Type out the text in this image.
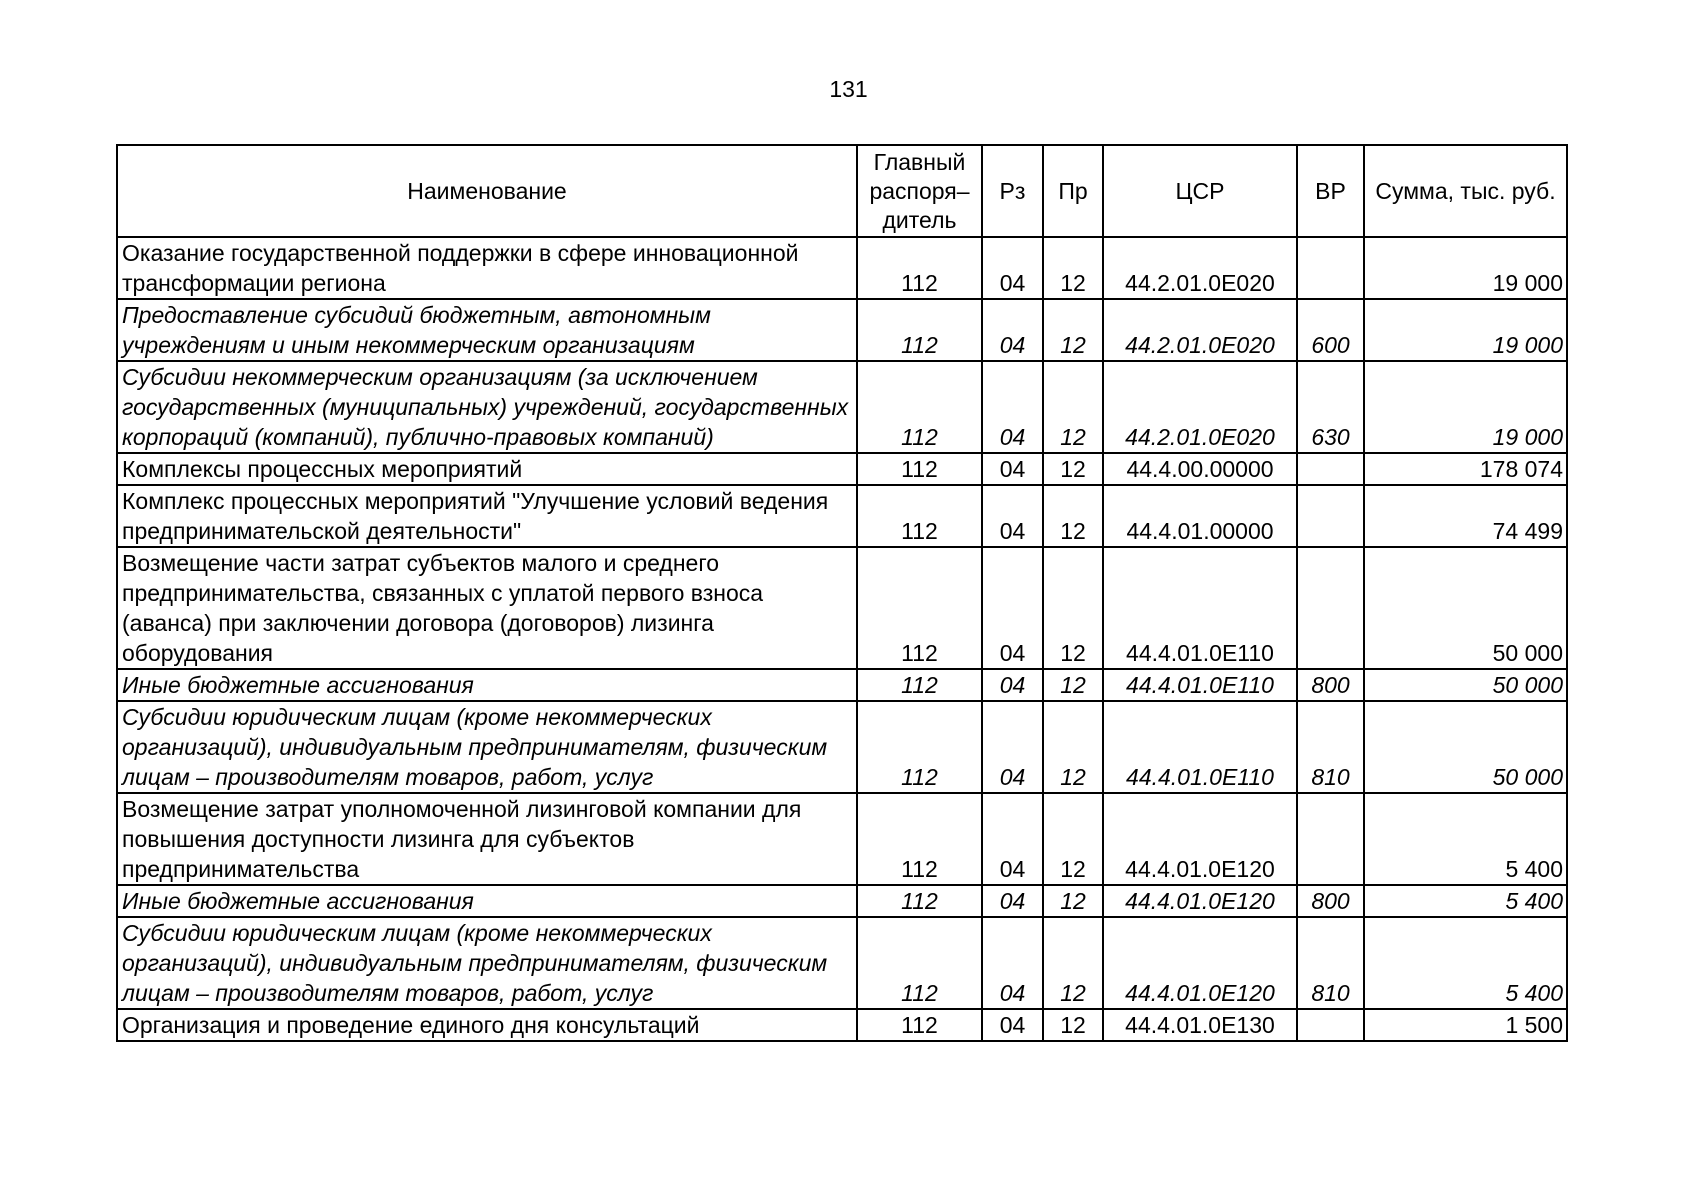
131
Наименование	Главный распоря– дитель	Рз	Пр	ЦСР	ВР	Сумма, тыс. руб.
Оказание государственной поддержки в сфере инновационной трансформации региона	112	04	12	44.2.01.0Е020		19 000
Предоставление субсидий бюджетным, автономным учреждениям и иным некоммерческим организациям	112	04	12	44.2.01.0Е020	600	19 000
Субсидии некоммерческим организациям (за исключением государственных (муниципальных) учреждений, государственных корпораций (компаний), публично-правовых компаний)	112	04	12	44.2.01.0Е020	630	19 000
Комплексы процессных мероприятий	112	04	12	44.4.00.00000		178 074
Комплекс процессных мероприятий "Улучшение условий ведения предпринимательской деятельности"	112	04	12	44.4.01.00000		74 499
Возмещение части затрат субъектов малого и среднего предпринимательства, связанных с уплатой первого взноса (аванса) при заключении договора (договоров) лизинга оборудования	112	04	12	44.4.01.0Е110		50 000
Иные бюджетные ассигнования	112	04	12	44.4.01.0Е110	800	50 000
Субсидии юридическим лицам (кроме некоммерческих организаций), индивидуальным предпринимателям, физическим лицам – производителям товаров, работ, услуг	112	04	12	44.4.01.0Е110	810	50 000
Возмещение затрат уполномоченной лизинговой компании для повышения доступности лизинга для субъектов предпринимательства	112	04	12	44.4.01.0Е120		5 400
Иные бюджетные ассигнования	112	04	12	44.4.01.0Е120	800	5 400
Субсидии юридическим лицам (кроме некоммерческих организаций), индивидуальным предпринимателям, физическим лицам – производителям товаров, работ, услуг	112	04	12	44.4.01.0Е120	810	5 400
Организация и проведение единого дня консультаций	112	04	12	44.4.01.0Е130		1 500
